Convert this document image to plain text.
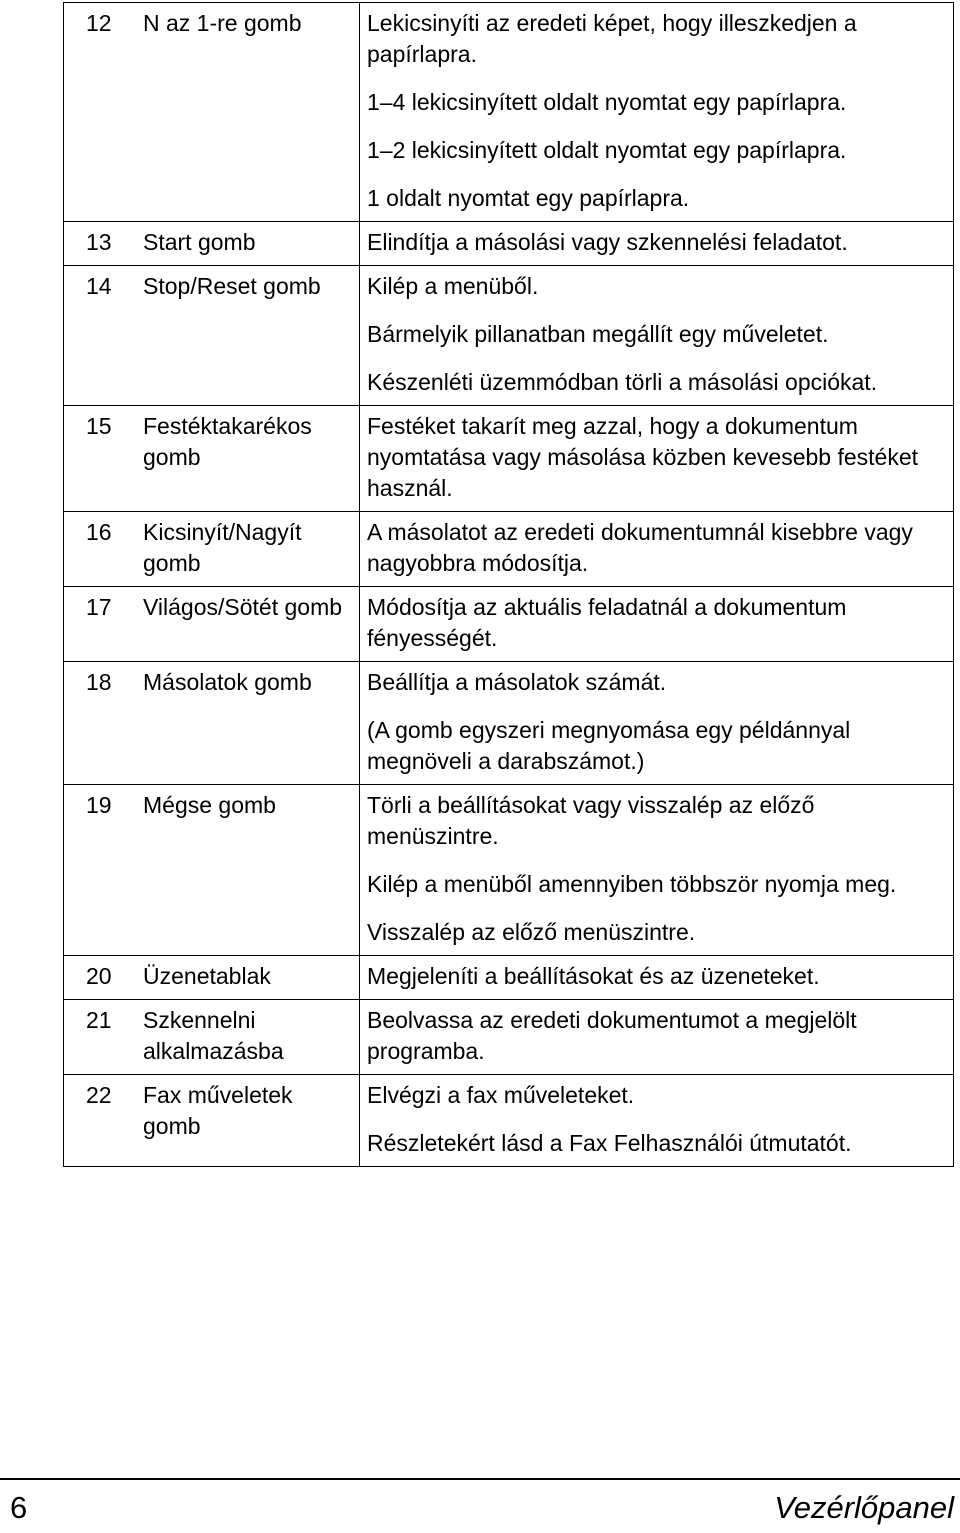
12	N az 1-re gomb	Lekicsinyíti az eredeti képet, hogy illeszkedjen a papírlapra.
1–4 lekicsinyített oldalt nyomtat egy papírlapra.
1–2 lekicsinyített oldalt nyomtat egy papírlapra.
1 oldalt nyomtat egy papírlapra.

13	Start gomb	Elindítja a másolási vagy szkennelési feladatot.

14	Stop/Reset gomb	Kilép a menüből.
Bármelyik pillanatban megállít egy műveletet.
Készenléti üzemmódban törli a másolási opciókat.

15	Festéktakarékos gomb	Festéket takarít meg azzal, hogy a dokumentum nyomtatása vagy másolása közben kevesebb festéket használ.

16	Kicsinyít/Nagyít gomb	A másolatot az eredeti dokumentumnál kisebbre vagy nagyobbra módosítja.

17	Világos/Sötét gomb	Módosítja az aktuális feladatnál a dokumentum fényességét.

18	Másolatok gomb	Beállítja a másolatok számát.
(A gomb egyszeri megnyomása egy példánnyal megnöveli a darabszámot.)

19	Mégse gomb	Törli a beállításokat vagy visszalép az előző menüszintre.
Kilép a menüből amennyiben többször nyomja meg.
Visszalép az előző menüszintre.

20	Üzenetablak	Megjeleníti a beállításokat és az üzeneteket.

21	Szkennelni alkalmazásba	Beolvassa az eredeti dokumentumot a megjelölt programba.

22	Fax műveletek gomb	Elvégzi a fax műveleteket.
Részletekért lásd a Fax Felhasználói útmutatót.
6	Vezérlőpanel
